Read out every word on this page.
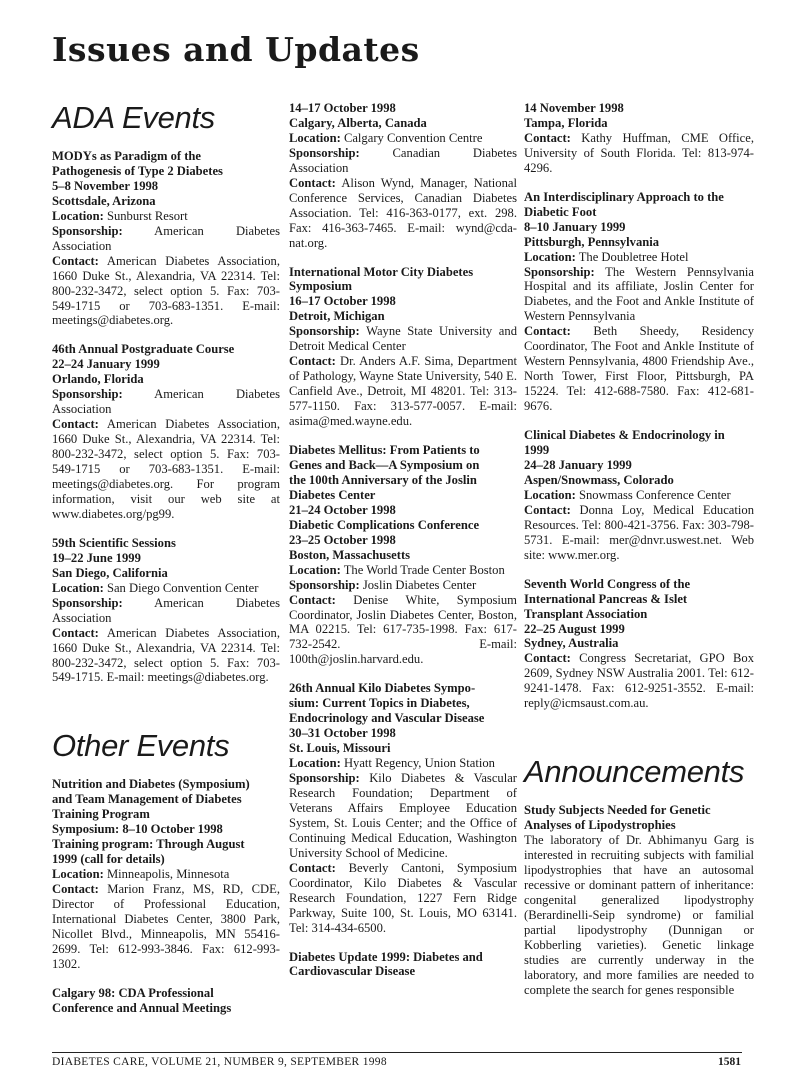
Issues and Updates
ADA Events
MODYs as Paradigm of the
Pathogenesis of Type 2 Diabetes
5–8 November 1998
Scottsdale, Arizona
Location: Sunburst Resort
Sponsorship: American Diabetes Association
Contact: American Diabetes Association, 1660 Duke St., Alexandria, VA 22314. Tel: 800-232-3472, select option 5. Fax: 703-549-1715 or 703-683-1351. E-mail: meetings@diabetes.org.
46th Annual Postgraduate Course
22–24 January 1999
Orlando, Florida
Sponsorship: American Diabetes Association
Contact: American Diabetes Association, 1660 Duke St., Alexandria, VA 22314. Tel: 800-232-3472, select option 5. Fax: 703-549-1715 or 703-683-1351. E-mail: meetings@diabetes.org. For program information, visit our web site at www.diabetes.org/pg99.
59th Scientific Sessions
19–22 June 1999
San Diego, California
Location: San Diego Convention Center
Sponsorship: American Diabetes Association
Contact: American Diabetes Association, 1660 Duke St., Alexandria, VA 22314. Tel: 800-232-3472, select option 5. Fax: 703-549-1715. E-mail: meetings@diabetes.org.
Other Events
Nutrition and Diabetes (Symposium)
and Team Management of Diabetes
Training Program
Symposium: 8–10 October 1998
Training program: Through August
1999 (call for details)
Location: Minneapolis, Minnesota
Contact: Marion Franz, MS, RD, CDE, Director of Professional Education, International Diabetes Center, 3800 Park, Nicollet Blvd., Minneapolis, MN 55416-2699. Tel: 612-993-3846. Fax: 612-993-1302.
Calgary 98: CDA Professional
Conference and Annual Meetings
14–17 October 1998
Calgary, Alberta, Canada
Location: Calgary Convention Centre
Sponsorship:	Canadian Diabetes Association
Contact: Alison Wynd, Manager, National Conference Services, Canadian Diabetes Association. Tel: 416-363-0177, ext. 298. Fax: 416-363-7465. E-mail: wynd@cda-nat.org.
International Motor City Diabetes
Symposium
16–17 October 1998
Detroit, Michigan
Sponsorship: Wayne State University and Detroit Medical Center
Contact: Dr. Anders A.F. Sima, Department of Pathology, Wayne State University, 540 E. Canfield Ave., Detroit, MI 48201. Tel: 313-577-1150. Fax: 313-577-0057. E-mail: asima@med.wayne.edu.
Diabetes Mellitus: From Patients to
Genes and Back—A Symposium on
the 100th Anniversary of the Joslin
Diabetes Center
21–24 October 1998
Diabetic Complications Conference
23–25 October 1998
Boston, Massachusetts
Location: The World Trade Center Boston
Sponsorship: Joslin Diabetes Center
Contact: Denise White, Symposium Coordinator, Joslin Diabetes Center, Boston, MA 02215. Tel: 617-735-1998. Fax: 617-732-2542. E-mail: 100th@joslin.harvard.edu.
26th Annual Kilo Diabetes Sympo-
sium: Current Topics in Diabetes,
Endocrinology and Vascular Disease
30–31 October 1998
St. Louis, Missouri
Location: Hyatt Regency, Union Station
Sponsorship: Kilo Diabetes & Vascular Research Foundation; Department of Veterans Affairs Employee Education System, St. Louis Center; and the Office of Continuing Medical Education, Washington University School of Medicine.
Contact: Beverly Cantoni, Symposium Coordinator, Kilo Diabetes & Vascular Research Foundation, 1227 Fern Ridge Parkway, Suite 100, St. Louis, MO 63141. Tel: 314-434-6500.
Diabetes Update 1999: Diabetes and
Cardiovascular Disease
14 November 1998
Tampa, Florida
Contact: Kathy Huffman, CME Office, University of South Florida. Tel: 813-974-4296.
An Interdisciplinary Approach to the
Diabetic Foot
8–10 January 1999
Pittsburgh, Pennsylvania
Location: The Doubletree Hotel
Sponsorship: The Western Pennsylvania Hospital and its affiliate, Joslin Center for Diabetes, and the Foot and Ankle Institute of Western Pennsylvania
Contact: Beth Sheedy, Residency Coordinator, The Foot and Ankle Institute of Western Pennsylvania, 4800 Friendship Ave., North Tower, First Floor, Pittsburgh, PA 15224. Tel: 412-688-7580. Fax: 412-681-9676.
Clinical Diabetes & Endocrinology in
1999
24–28 January 1999
Aspen/Snowmass, Colorado
Location: Snowmass Conference Center
Contact: Donna Loy, Medical Education Resources. Tel: 800-421-3756. Fax: 303-798-5731. E-mail: mer@dnvr.uswest.net. Web site: www.mer.org.
Seventh World Congress of the
International Pancreas & Islet
Transplant Association
22–25 August 1999
Sydney, Australia
Contact: Congress Secretariat, GPO Box 2609, Sydney NSW Australia 2001. Tel: 612-9241-1478. Fax: 612-9251-3552. E-mail: reply@icmsaust.com.au.
Announcements
Study Subjects Needed for Genetic
Analyses of Lipodystrophies
The laboratory of Dr. Abhimanyu Garg is interested in recruiting subjects with familial lipodystrophies that have an autosomal recessive or dominant pattern of inheritance: congenital generalized lipodystrophy (Berardinelli-Seip syndrome) or familial partial lipodystrophy (Dunnigan or Kobberling varieties). Genetic linkage studies are currently underway in the laboratory, and more families are needed to complete the search for genes responsible
DIABETES CARE, VOLUME 21, NUMBER 9, SEPTEMBER 1998	1581
